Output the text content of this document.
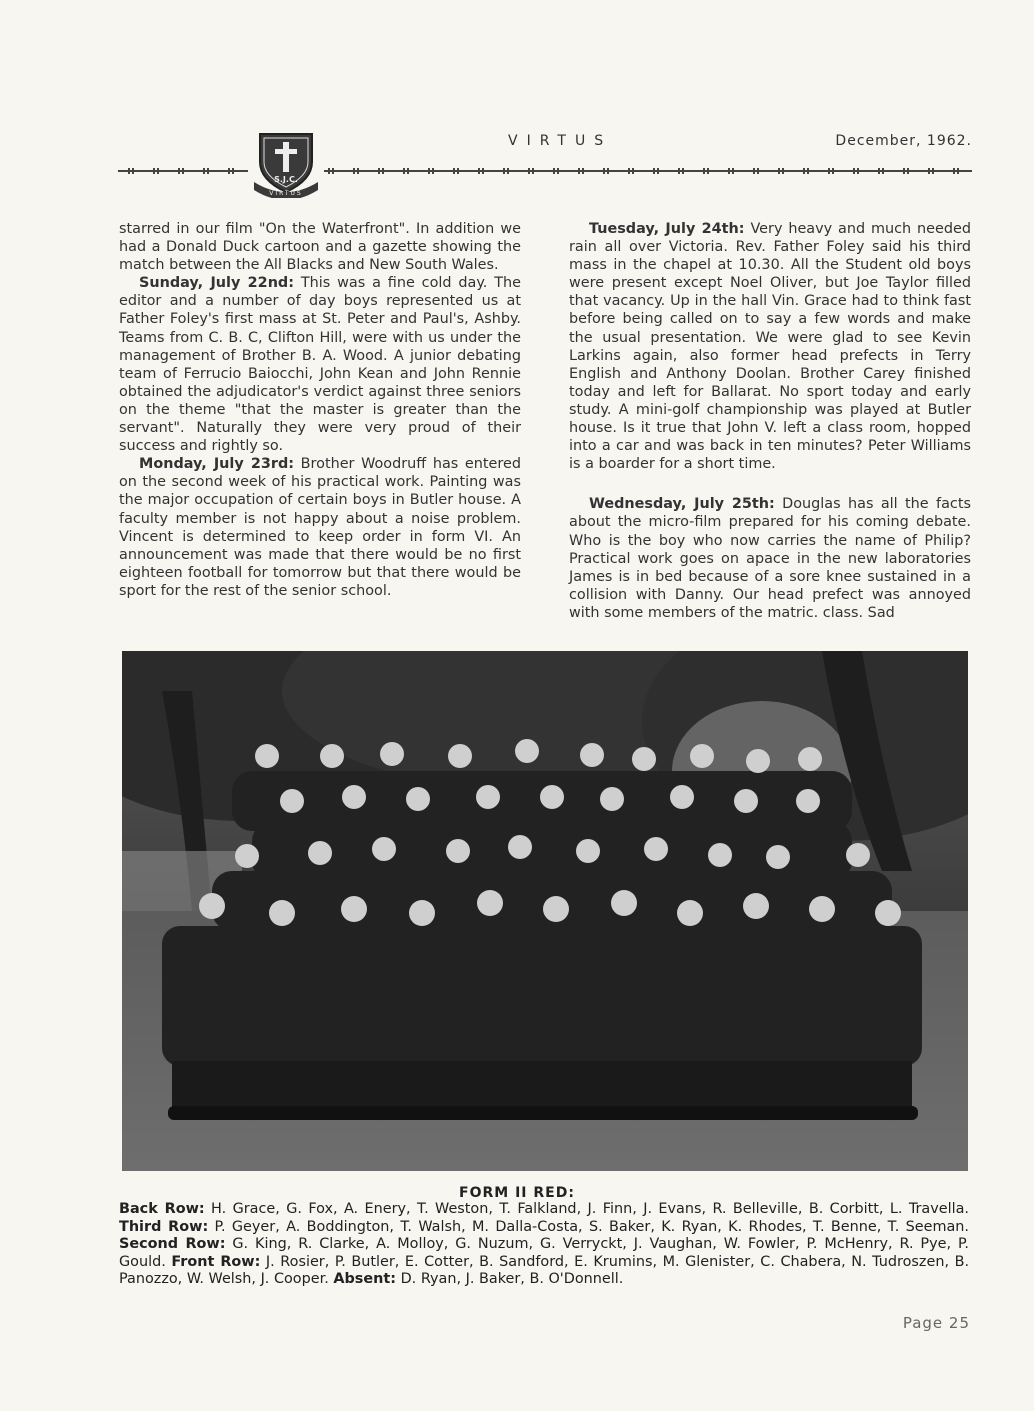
S.J.C.
VIRTUS
VIRTUS	December, 1962.

starred in our film "On the Waterfront". In addition we had a Donald Duck cartoon and a gazette showing the match between the All Blacks and New South Wales.

Sunday, July 22nd: This was a fine cold day. The editor and a number of day boys represented us at Father Foley's first mass at St. Peter and Paul's, Ashby. Teams from C. B. C, Clifton Hill, were with us under the management of Brother B. A. Wood. A junior debating team of Ferrucio Baiocchi, John Kean and John Rennie obtained the adjudicator's verdict against three seniors on the theme "that the master is greater than the servant". Naturally they were very proud of their success and rightly so.

Monday, July 23rd: Brother Woodruff has entered on the second week of his practical work. Painting was the major occupation of certain boys in Butler house. A faculty member is not happy about a noise problem. Vincent is determined to keep order in form VI. An announcement was made that there would be no first eighteen football for tomorrow but that there would be sport for the rest of the senior school.

Tuesday, July 24th: Very heavy and much needed rain all over Victoria. Rev. Father Foley said his third mass in the chapel at 10.30. All the Student old boys were present except Noel Oliver, but Joe Taylor filled that vacancy. Up in the hall Vin. Grace had to think fast before being called on to say a few words and make the usual presentation. We were glad to see Kevin Larkins again, also former head prefects in Terry English and Anthony Doolan. Brother Carey finished today and left for Ballarat. No sport today and early study. A mini-golf championship was played at Butler house. Is it true that John V. left a class room, hopped into a car and was back in ten minutes? Peter Williams is a boarder for a short time.

Wednesday, July 25th: Douglas has all the facts about the micro-film prepared for his coming debate. Who is the boy who now carries the name of Philip? Practical work goes on apace in the new laboratories James is in bed because of a sore knee sustained in a collision with Danny. Our head prefect was annoyed with some members of the matric. class. Sad

FORM II RED:
Back Row: H. Grace, G. Fox, A. Enery, T. Weston, T. Falkland, J. Finn, J. Evans, R. Belleville, B. Corbitt, L. Travella. Third Row: P. Geyer, A. Boddington, T. Walsh, M. Dalla-Costa, S. Baker, K. Ryan, K. Rhodes, T. Benne, T. Seeman. Second Row: G. King, R. Clarke, A. Molloy, G. Nuzum, G. Verryckt, J. Vaughan, W. Fowler, P. McHenry, R. Pye, P. Gould. Front Row: J. Rosier, P. Butler, E. Cotter, B. Sandford, E. Krumins, M. Glenister, C. Chabera, N. Tudroszen, B. Panozzo, W. Welsh, J. Cooper. Absent: D. Ryan, J. Baker, B. O'Donnell.
Page 25
